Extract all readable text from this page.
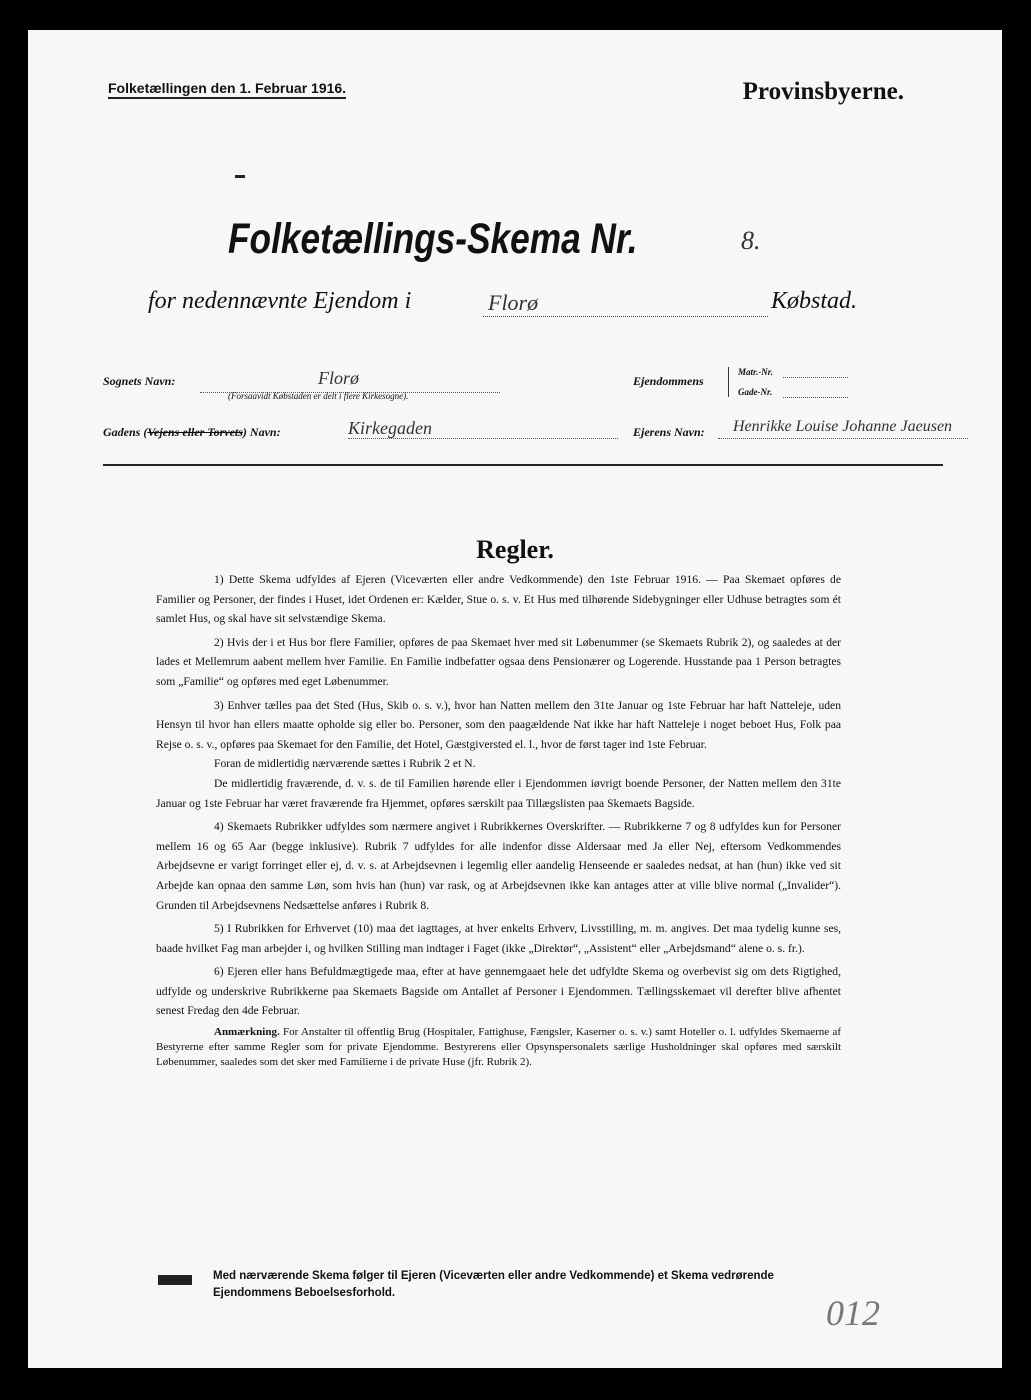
Folketællingen den 1. Februar 1916.	Provinsbyerne.
Folketællings-Skema Nr.	8.
for nedennævnte Ejendom i	Florø	Købstad.
Sognets Navn:	Florø
(Forsaavidt Købstaden er delt i flere Kirkesogne).
Ejendommens
Matr.-Nr.
Gade-Nr.
Gadens (Vejens eller Torvets) Navn:	Kirkegaden	Ejerens Navn: Henrikke Louise Johanne Jaeusen
Regler.

1) Dette Skema udfyldes af Ejeren (Viceværten eller andre Vedkommende) den 1ste Februar 1916. — Paa Skemaet opføres de Familier og Personer, der findes i Huset, idet Ordenen er: Kælder, Stue o. s. v. Et Hus med tilhørende Sidebygninger eller Udhuse betragtes som ét samlet Hus, og skal have sit selvstændige Skema.

2) Hvis der i et Hus bor flere Familier, opføres de paa Skemaet hver med sit Løbenummer (se Skemaets Rubrik 2), og saaledes at der lades et Mellemrum aabent mellem hver Familie. En Familie indbefatter ogsaa dens Pensionærer og Logerende. Husstande paa 1 Person betragtes som „Familie“ og opføres med eget Løbenummer.

3) Enhver tælles paa det Sted (Hus, Skib o. s. v.), hvor han Natten mellem den 31te Januar og 1ste Februar har haft Natteleje, uden Hensyn til hvor han ellers maatte opholde sig eller bo. Personer, som den paagældende Nat ikke har haft Natteleje i noget beboet Hus, Folk paa Rejse o. s. v., opføres paa Skemaet for den Familie, det Hotel, Gæstgiversted el. l., hvor de først tager ind 1ste Februar.

Foran de midlertidig nærværende sættes i Rubrik 2 et N.

De midlertidig fraværende, d. v. s. de til Familien hørende eller i Ejendommen iøvrigt boende Personer, der Natten mellem den 31te Januar og 1ste Februar har været fraværende fra Hjemmet, opføres særskilt paa Tillægslisten paa Skemaets Bagside.

4) Skemaets Rubrikker udfyldes som nærmere angivet i Rubrikkernes Overskrifter. — Rubrikkerne 7 og 8 udfyldes kun for Personer mellem 16 og 65 Aar (begge inklusive). Rubrik 7 udfyldes for alle indenfor disse Aldersaar med Ja eller Nej, eftersom Vedkommendes Arbejdsevne er varigt forringet eller ej, d. v. s. at Arbejdsevnen i legemlig eller aandelig Henseende er saaledes nedsat, at han (hun) ikke ved sit Arbejde kan opnaa den samme Løn, som hvis han (hun) var rask, og at Arbejdsevnen ikke kan antages atter at ville blive normal („Invalider“). Grunden til Arbejdsevnens Nedsættelse anføres i Rubrik 8.

5) I Rubrikken for Erhvervet (10) maa det iagttages, at hver enkelts Erhverv, Livsstilling, m. m. angives. Det maa tydelig kunne ses, baade hvilket Fag man arbejder i, og hvilken Stilling man indtager i Faget (ikke „Direktør“, „Assistent“ eller „Arbejdsmand“ alene o. s. fr.).

6) Ejeren eller hans Befuldmægtigede maa, efter at have gennemgaaet hele det udfyldte Skema og overbevist sig om dets Rigtighed, udfylde og underskrive Rubrikkerne paa Skemaets Bagside om Antallet af Personer i Ejendommen. Tællingsskemaet vil derefter blive afhentet senest Fredag den 4de Februar.

Anmærkning. For Anstalter til offentlig Brug (Hospitaler, Fattighuse, Fængsler, Kaserner o. s. v.) samt Hoteller o. l. udfyldes Skemaerne af Bestyrerne efter samme Regler som for private Ejendomme. Bestyrerens eller Opsynspersonalets særlige Husholdninger skal opføres med særskilt Løbenummer, saaledes som det sker med Familierne i de private Huse (jfr. Rubrik 2).

Med nærværende Skema følger til Ejeren (Viceværten eller andre Vedkommende) et Skema vedrørende
Ejendommens Beboelsesforhold.	012
